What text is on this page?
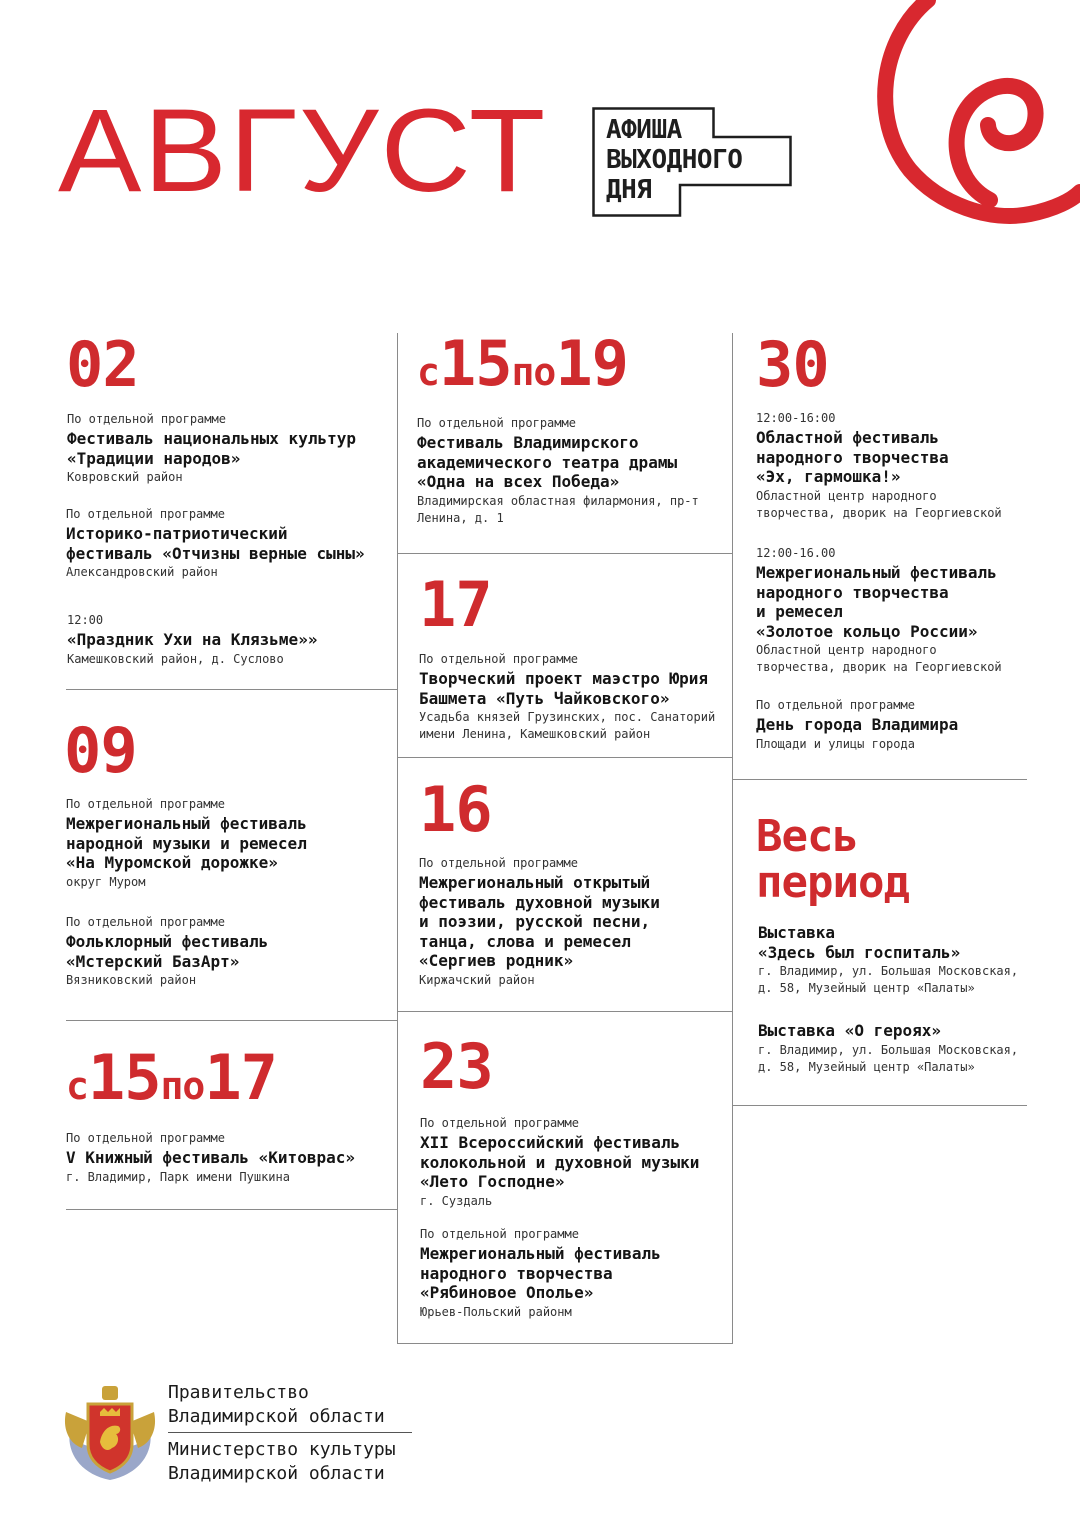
АВГУСТ АФИША
ВЫХОДНОГО
ДНЯ
02
По отдельной программе
Фестиваль национальных культур
«Традиции народов»
Ковровский район
По отдельной программе
Историко-патриотический
фестиваль «Отчизны верные сыны»
Александровский район
12:00
«Праздник Ухи на Клязьме»»
Камешковский район, д. Суслово
09
По отдельной программе
Межрегиональный фестиваль
народной музыки и ремесел
«На Муромской дорожке»
округ Муром
По отдельной программе
Фольклорный фестиваль
«Мстерский БазАрт»
Вязниковский район
с15по17
По отдельной программе
V Книжный фестиваль «Китоврас»
г. Владимир, Парк имени Пушкина
с15по19
По отдельной программе
Фестиваль Владимирского
академического театра драмы
«Одна на всех Победа»
Владимирская областная филармония, пр-т
Ленина, д. 1
17
По отдельной программе
Творческий проект маэстро Юрия
Башмета «Путь Чайковского»
Усадьба князей Грузинских, пос. Санаторий
имени Ленина, Камешковский район
16
По отдельной программе
Межрегиональный открытый
фестиваль духовной музыки
и поэзии, русской песни,
танца, слова и ремесел
«Сергиев родник»
Киржачский район
23
По отдельной программе
XII Всероссийский фестиваль
колокольной и духовной музыки
«Лето Господне»
г. Суздаль
По отдельной программе
Межрегиональный фестиваль
народного творчества
«Рябиновое Ополье»
Юрьев-Польский районм
30
12:00-16:00
Областной фестиваль
народного творчества
«Эх, гармошка!»
Областной центр народного
творчества, дворик на Георгиевской
12:00-16.00
Межрегиональный фестиваль
народного творчества
и ремесел
«Золотое кольцо России»
Областной центр народного
творчества, дворик на Георгиевской
По отдельной программе
День города Владимира
Площади и улицы города
Весь
период
Выставка
«Здесь был госпиталь»
г. Владимир, ул. Большая Московская,
д. 58, Музейный центр «Палаты»
Выставка «О героях»
г. Владимир, ул. Большая Московская,
д. 58, Музейный центр «Палаты»
Правительство
Владимирской области
Министерство культуры
Владимирской области
